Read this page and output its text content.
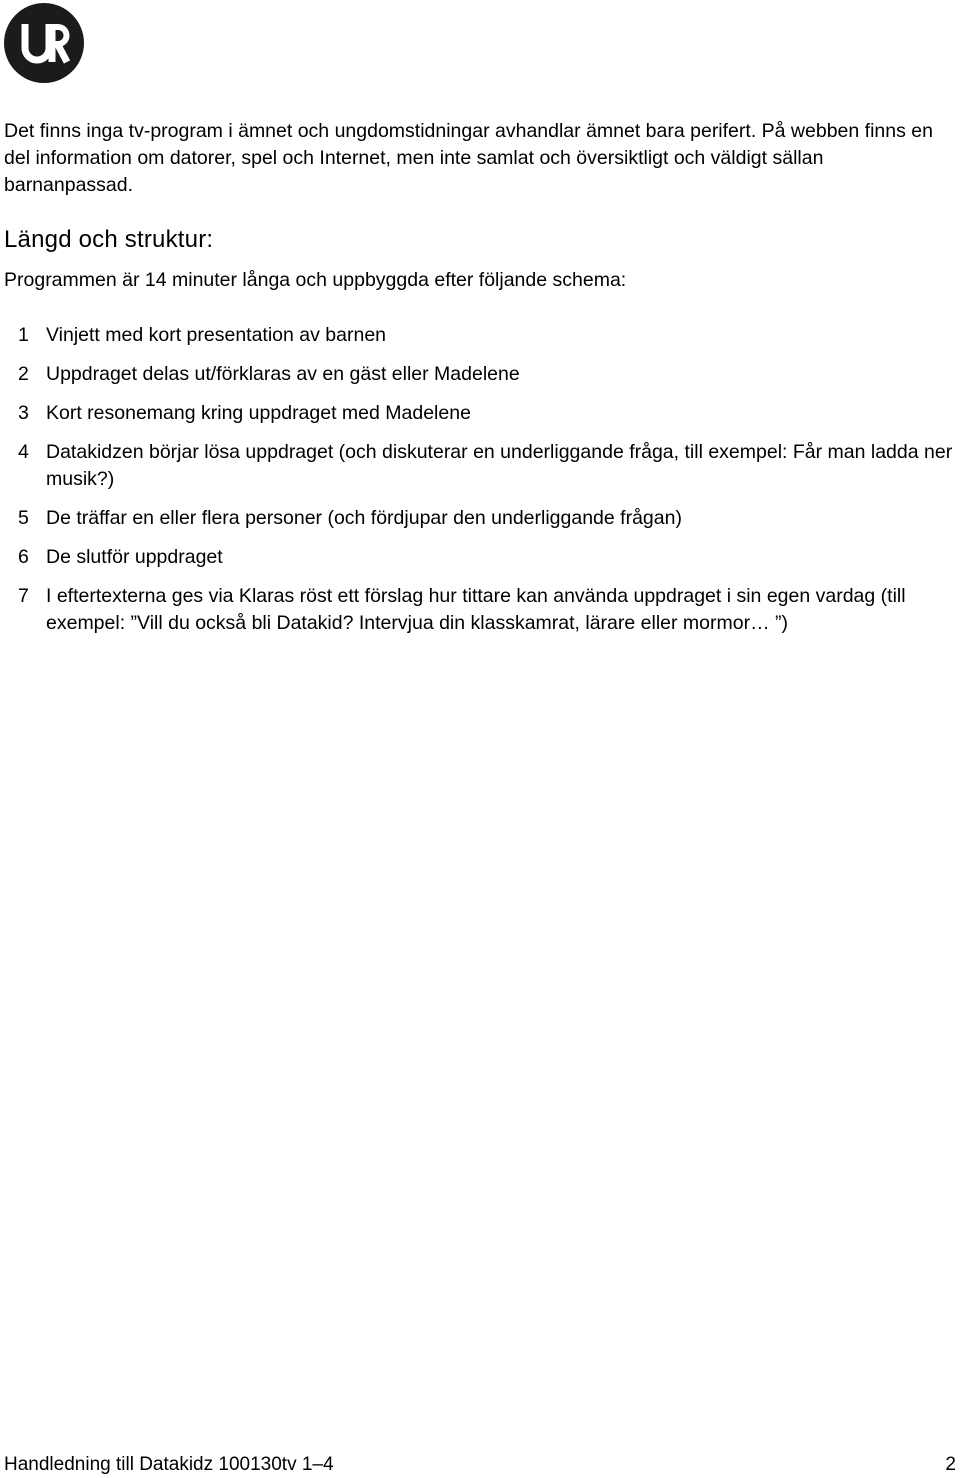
Det finns inga tv-program i ämnet och ungdomstidningar avhandlar ämnet bara perifert. På webben finns en del information om datorer, spel och Internet, men inte samlat och översiktligt och väldigt sällan barnanpassad.

Längd och struktur:

Programmen är 14 minuter långa och uppbyggda efter följande schema:

1 Vinjett med kort presentation av barnen
2 Uppdraget delas ut/förklaras av en gäst eller Madelene
3 Kort resonemang kring uppdraget med Madelene
4 Datakidzen börjar lösa uppdraget (och diskuterar en underliggande fråga, till exempel: Får man ladda ner musik?)
5 De träffar en eller flera personer (och fördjupar den underliggande frågan)
6 De slutför uppdraget
7 I eftertexterna ges via Klaras röst ett förslag hur tittare kan använda uppdraget i sin egen vardag (till exempel: ”Vill du också bli Datakid? Intervjua din klasskamrat, lärare eller mormor… ”)
Handledning till Datakidz 100130tv 1–4	2
